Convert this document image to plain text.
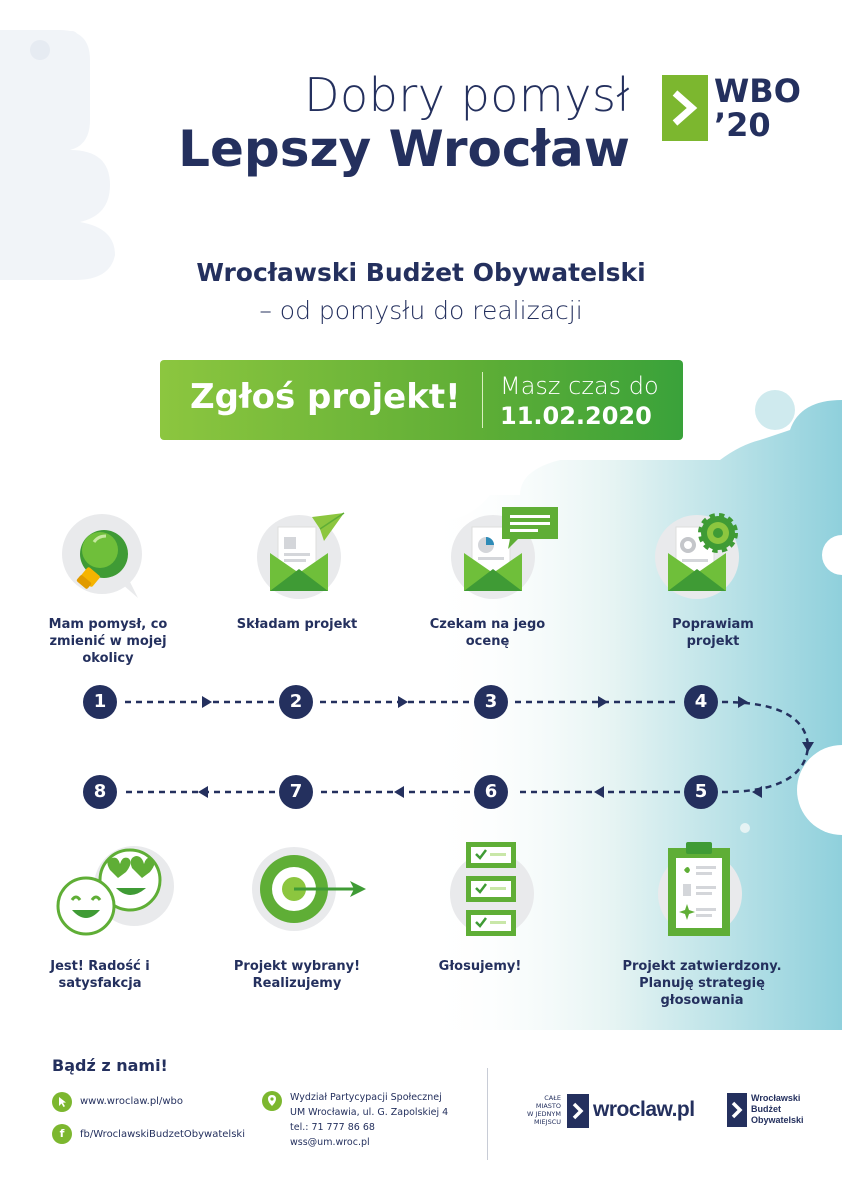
Dobry pomysł
Lepszy Wrocław
WBO
’20
Wrocławski Budżet Obywatelski
– od pomysłu do realizacji
Zgłoś projekt! Masz czas do
11.02.2020
Mam pomysł, co zmienić w mojej okolicy
Składam projekt	Czekam na jego ocenę
Poprawiam projekt
1	2	3	4
8	7	6	5
Jest! Radość i satysfakcja
Projekt wybrany! Realizujemy
Głosujemy!	Projekt zatwierdzony. Planuję strategię głosowania
Bądź z nami!
www.wroclaw.pl/wbo
f	fb/WroclawskiBudzetObywatelski
Wydział Partycypacji Społecznej
UM Wrocławia, ul. G. Zapolskiej 4
tel.: 71 777 86 68
wss@um.wroc.pl
CAŁE
MIASTO
W JEDNYM
MIEJSCU
wroclaw.pl	Wrocławski
Budżet
Obywatelski
